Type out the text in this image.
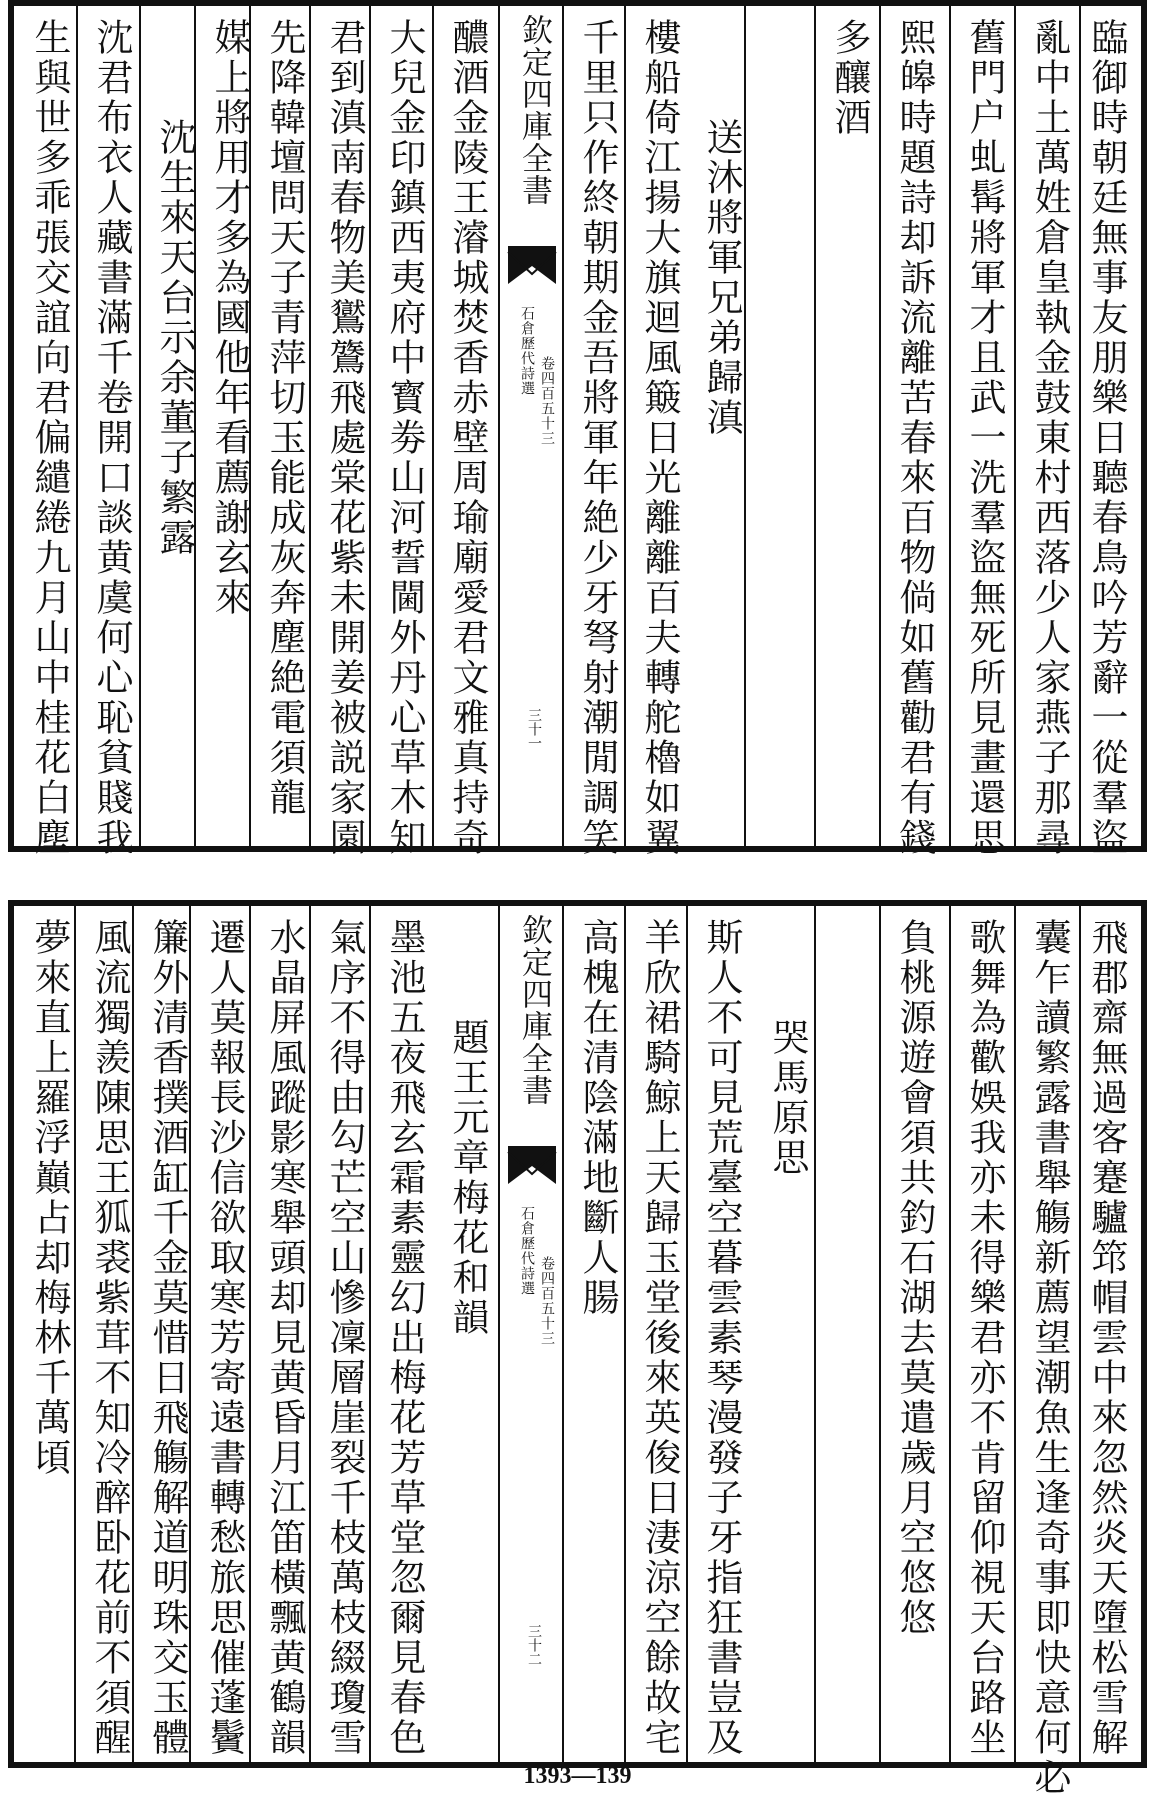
醲酒金陵王濬城焚香赤壁周瑜廟愛君文雅真持奇
大兒金印鎮西夷府中寳劵山河誓閫外丹心草木知
君到滇南春物美鸑鷟飛處棠花紫未開姜被説家園
先降韓壇問天子青萍切玉能成灰奔塵絶電須龍
媒上將用才多為國他年看薦謝玄來
沈生來天台示余董子繁露
沈君布衣人藏書滿千卷開口談黄虞何心恥貧賤我
生與世多乖張交誼向君偏繾綣九月山中桂花白塵	欽定四庫全書
石倉歷代詩選
卷四百五十三
三十一 千里只作終朝期金吾將軍年絶少牙弩射潮閒調笑 樓船倚江揚大旗迴風簸日光離離百夫轉舵櫓如翼 送沐將軍兄弟歸滇
多釀酒 熙皞時題詩却訴流離苦春來百物倘如舊勸君有錢 舊門户虬髯將軍才且武一洗羣盜無死所見畫還思 亂中土萬姓倉皇執金鼓東村西落少人家燕子那尋 臨御時朝廷無事友朋樂日聽春鳥吟芳辭一從羣盜
題王元章梅花和韻
墨池五夜飛玄霜素靈幻出梅花芳草堂忽爾見春色
氣序不得由勾芒空山慘凜層崖裂千枝萬枝綴瓊雪
水晶屏風蹤影寒舉頭却見黄昏月江笛橫飄黄鶴韻
遷人莫報長沙信欲取寒芳寄遠書轉愁旅思催蓬鬢
簾外清香撲酒缸千金莫惜日飛觴解道明珠交玉體
風流獨羨陳思王狐裘紫茸不知冷醉卧花前不須醒
夢來直上羅浮巔占却梅林千萬頃	欽定四庫全書
石倉歷代詩選
卷四百五十三
三十二
高槐在清陰滿地斷人腸 羊欣裙騎鯨上天歸玉堂後來英俊日淒涼空餘故宅 斯人不可見荒臺空暮雲素琴漫發子牙指狂書豈及 哭馬原思	負桃源遊會須共釣石湖去莫遣歲月空悠悠 歌舞為歡娛我亦未得樂君亦不肯留仰視天台路坐 囊乍讀繁露書舉觴新薦望潮魚生逢奇事即快意何必 飛郡齋無過客蹇驢筇帽雲中來忽然炎天墮松雪解
1393—139
